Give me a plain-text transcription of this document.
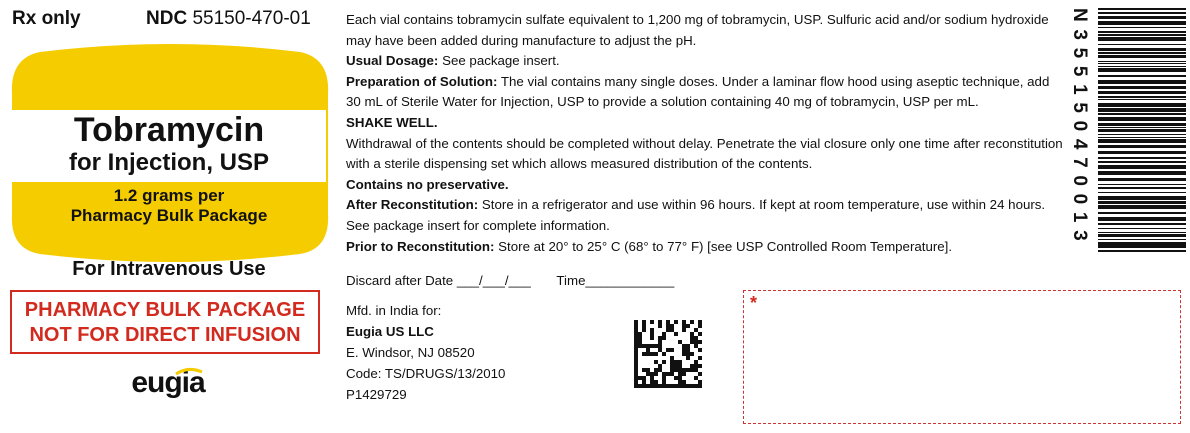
Rx only	NDC 55150-470-01
Tobramycin
for Injection, USP
1.2 grams per
Pharmacy Bulk Package
For Intravenous Use
PHARMACY BULK PACKAGE
NOT FOR DIRECT INFUSION
eugia

Each vial contains tobramycin sulfate equivalent to 1,200 mg of tobramycin, USP. Sulfuric acid and/or sodium hydroxide may have been added during manufacture to adjust the pH.

Usual Dosage: See package insert.

Preparation of Solution: The vial contains many single doses. Under a laminar flow hood using aseptic technique, add 30 mL of Sterile Water for Injection, USP to provide a solution containing 40 mg of tobramycin, USP per mL.

SHAKE WELL.

Withdrawal of the contents should be completed without delay. Penetrate the vial closure only one time after reconstitution with a sterile dispensing set which allows measured distribution of the contents.

Contains no preservative.

After Reconstitution: Store in a refrigerator and use within 96 hours. If kept at room temperature, use within 24 hours. See package insert for complete information.

Prior to Reconstitution: Store at 20° to 25° C (68° to 77° F) [see USP Controlled Room Temperature].

Discard after Date ___/___/___ Time____________
Mfd. in India for:
Eugia US LLC
E. Windsor, NJ 08520
Code: TS/DRUGS/13/2010
P1429729
*
N 3 5 5 1 5 0 4 7 0 0 1 3
